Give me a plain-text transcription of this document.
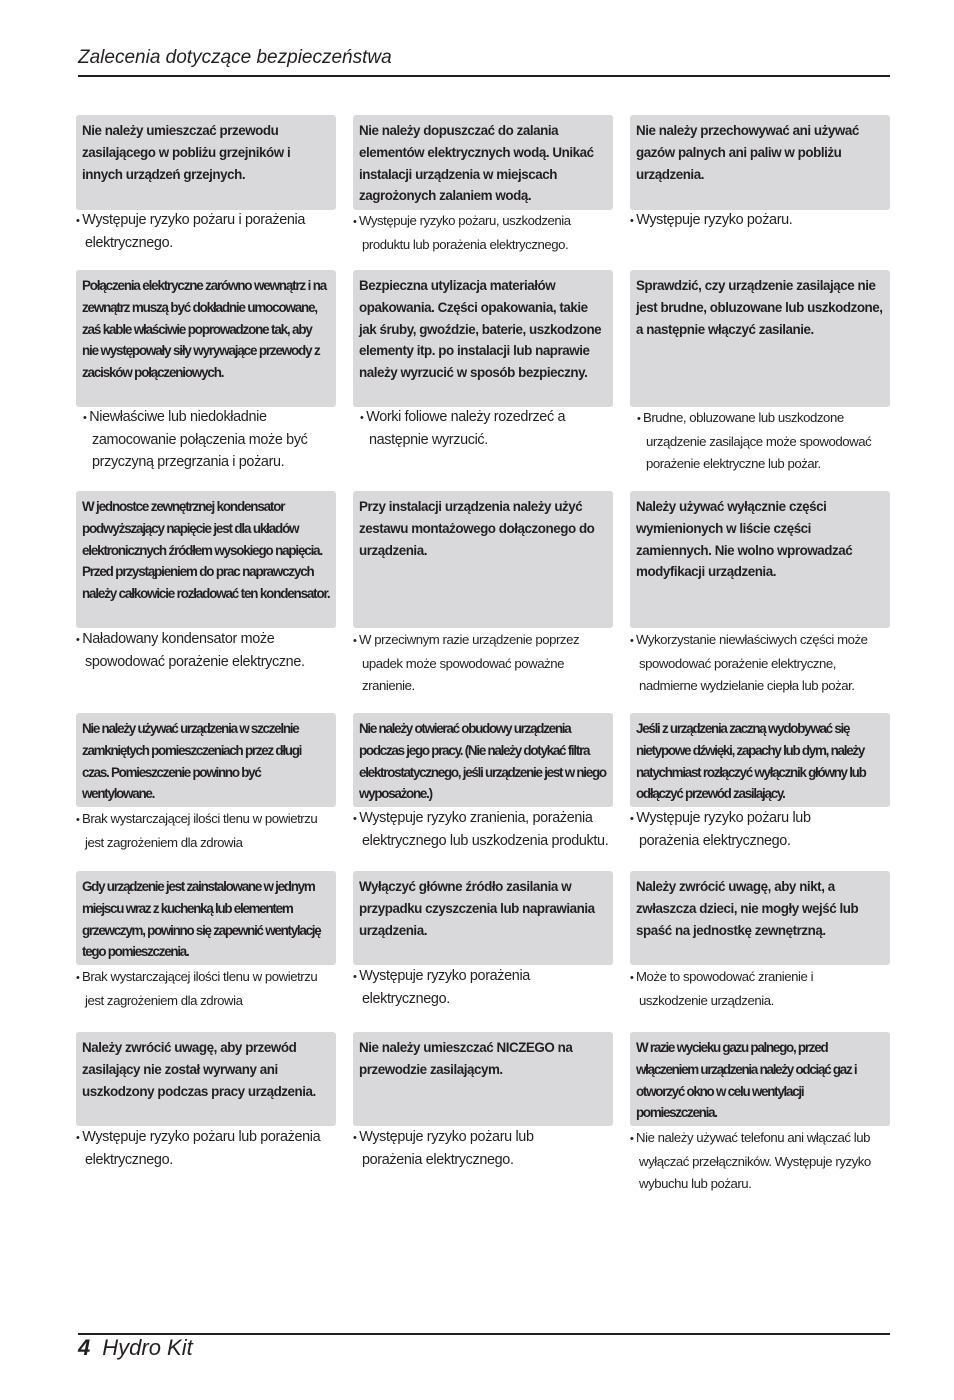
Zalecenia dotyczące bezpieczeństwa
Nie należy umieszczać przewodu zasilającego w pobliżu grzejników i innych urządzeń grzejnych.
• Występuje ryzyko pożaru i porażenia elektrycznego.
Nie należy dopuszczać do zalania elementów elektrycznych wodą. Unikać instalacji urządzenia w miejscach zagrożonych zalaniem wodą.
• Występuje ryzyko pożaru, uszkodzenia produktu lub porażenia elektrycznego.
Nie należy przechowywać ani używać gazów palnych ani paliw w pobliżu urządzenia.
• Występuje ryzyko pożaru.
Połączenia elektryczne zarówno wewnątrz i na zewnątrz muszą być dokładnie umocowane, zaś kable właściwie poprowadzone tak, aby nie występowały siły wyrywające przewody z zacisków połączeniowych.
• Niewłaściwe lub niedokładnie zamocowanie połączenia może być przyczyną przegrzania i pożaru.
Bezpieczna utylizacja materiałów opakowania. Części opakowania, takie jak śruby, gwoździe, baterie, uszkodzone elementy itp. po instalacji lub naprawie należy wyrzucić w sposób bezpieczny.
• Worki foliowe należy rozedrzeć a następnie wyrzucić.
Sprawdzić, czy urządzenie zasilające nie jest brudne, obluzowane lub uszkodzone, a następnie włączyć zasilanie.
• Brudne, obluzowane lub uszkodzone urządzenie zasilające może spowodować porażenie elektryczne lub pożar.
W jednostce zewnętrznej kondensator podwyższający napięcie jest dla układów elektronicznych źródłem wysokiego napięcia. Przed przystąpieniem do prac naprawczych należy całkowicie rozładować ten kondensator.
• Naładowany kondensator może spowodować porażenie elektryczne.
Przy instalacji urządzenia należy użyć zestawu montażowego dołączonego do urządzenia.
• W przeciwnym razie urządzenie poprzez upadek może spowodować poważne zranienie.
Należy używać wyłącznie części wymienionych w liście części zamiennych. Nie wolno wprowadzać modyfikacji urządzenia.
• Wykorzystanie niewłaściwych części może spowodować porażenie elektryczne, nadmierne wydzielanie ciepła lub pożar.
Nie należy używać urządzenia w szczelnie zamkniętych pomieszczeniach przez długi czas. Pomieszczenie powinno być wentylowane.
• Brak wystarczającej ilości tlenu w powietrzu jest zagrożeniem dla zdrowia
Nie należy otwierać obudowy urządzenia podczas jego pracy. (Nie należy dotykać filtra elektrostatycznego, jeśli urządzenie jest w niego wyposażone.)
• Występuje ryzyko zranienia, porażenia elektrycznego lub uszkodzenia produktu.
Jeśli z urządzenia zaczną wydobywać się nietypowe dźwięki, zapachy lub dym, należy natychmiast rozłączyć wyłącznik główny lub odłączyć przewód zasilający.
• Występuje ryzyko pożaru lub porażenia elektrycznego.
Gdy urządzenie jest zainstalowane w jednym miejscu wraz z kuchenką lub elementem grzewczym, powinno się zapewnić wentylację tego pomieszczenia.
• Brak wystarczającej ilości tlenu w powietrzu jest zagrożeniem dla zdrowia
Wyłączyć główne źródło zasilania w przypadku czyszczenia lub naprawiania urządzenia.
• Występuje ryzyko porażenia elektrycznego.
Należy zwrócić uwagę, aby nikt, a zwłaszcza dzieci, nie mogły wejść lub spaść na jednostkę zewnętrzną.
• Może to spowodować zranienie i uszkodzenie urządzenia.
Należy zwrócić uwagę, aby przewód zasilający nie został wyrwany ani uszkodzony podczas pracy urządzenia.
• Występuje ryzyko pożaru lub porażenia elektrycznego.
Nie należy umieszczać NICZEGO na przewodzie zasilającym.
• Występuje ryzyko pożaru lub porażenia elektrycznego.
W razie wycieku gazu palnego, przed włączeniem urządzenia należy odciąć gaz i otworzyć okno w celu wentylacji pomieszczenia.
• Nie należy używać telefonu ani włączać lub wyłączać przełączników. Występuje ryzyko wybuchu lub pożaru.
4 Hydro Kit
